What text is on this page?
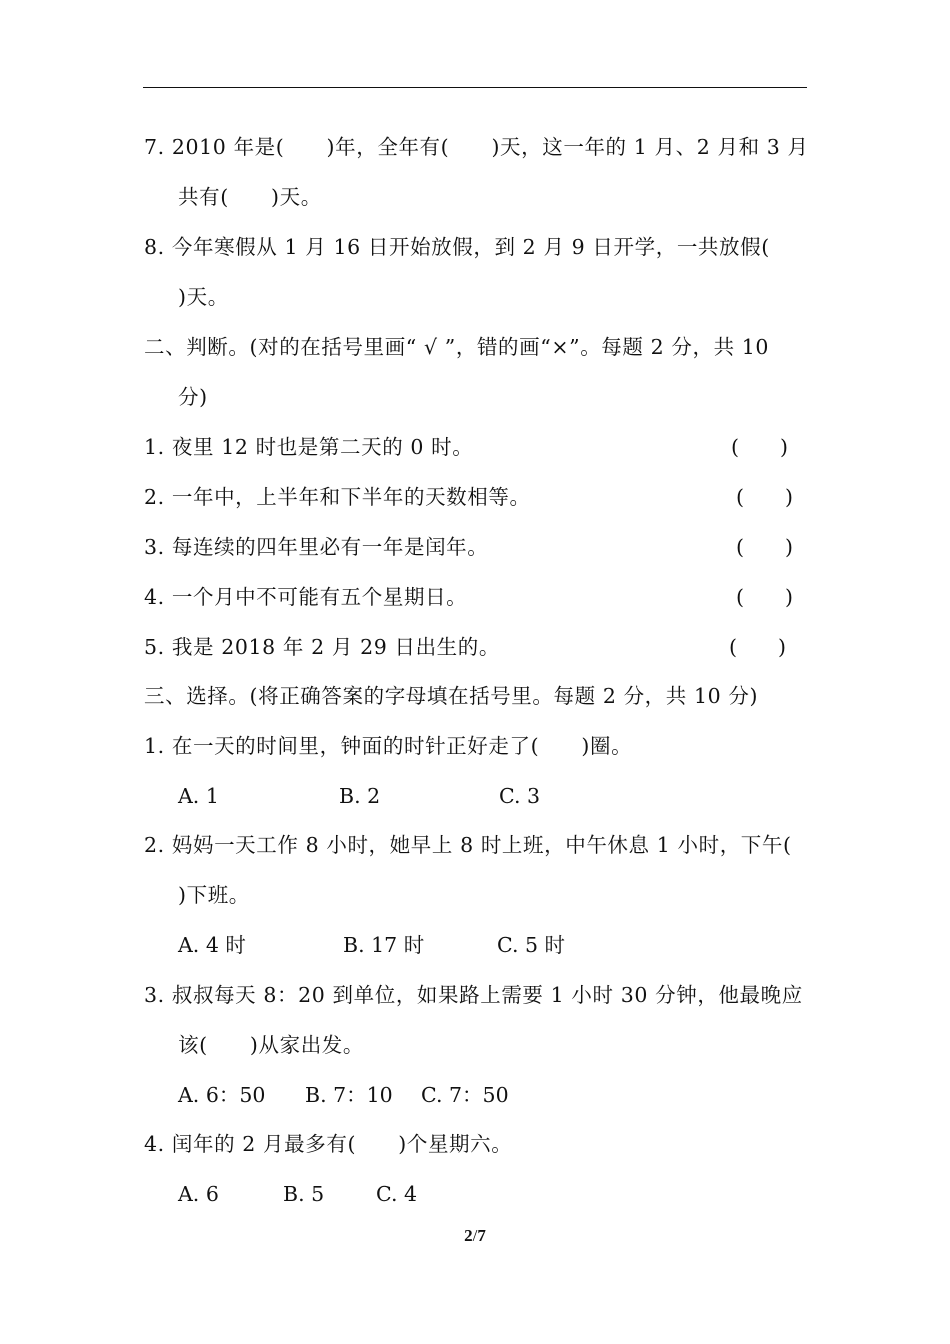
7. 2010 年是(　　)年，全年有(　　)天，这一年的 1 月、2 月和 3 月
共有(　　)天。
8. 今年寒假从 1 月 16 日开始放假，到 2 月 9 日开学，一共放假(
)天。
二、判断。(对的在括号里画“ √ ”，错的画“×”。每题 2 分，共 10
分)
1. 夜里 12 时也是第二天的 0 时。	(　　)
2. 一年中，上半年和下半年的天数相等。	(　　)
3. 每连续的四年里必有一年是闰年。	(　　)
4. 一个月中不可能有五个星期日。	(　　)
5. 我是 2018 年 2 月 29 日出生的。	(　　)
三、选择。(将正确答案的字母填在括号里。每题 2 分，共 10 分)
1. 在一天的时间里，钟面的时针正好走了(　　)圈。
A. 1	B. 2	C. 3
2. 妈妈一天工作 8 小时，她早上 8 时上班，中午休息 1 小时，下午(
)下班。
A. 4 时	B. 17 时	C. 5 时
3. 叔叔每天 8：20 到单位，如果路上需要 1 小时 30 分钟，他最晚应
该(　　)从家出发。
A. 6：50 B. 7：10 C. 7：50
4. 闰年的 2 月最多有(　　)个星期六。
A. 6	B. 5	C. 4
2/7
